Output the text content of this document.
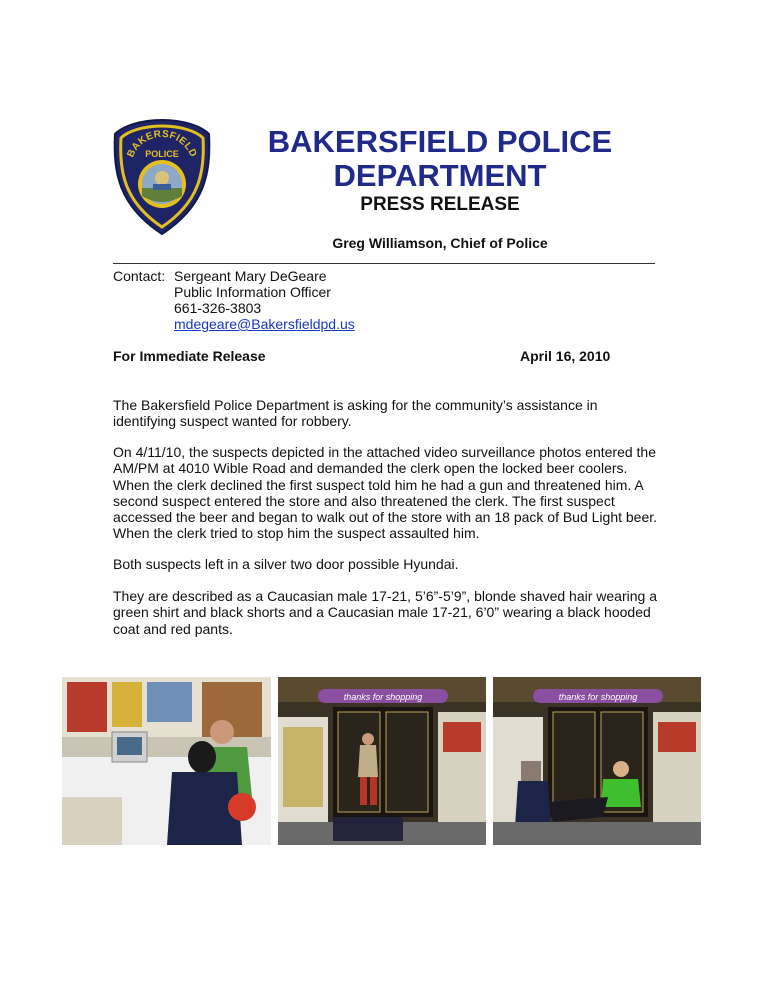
BAKERSFIELD
POLICE	BAKERSFIELD POLICE
DEPARTMENT
PRESS RELEASE
Greg Williamson, Chief of Police
Contact: Sergeant Mary DeGeare
Public Information Officer
661-326-3803
mdegeare@Bakersfieldpd.us
For Immediate Release	April 16, 2010

The Bakersfield Police Department is asking for the community’s assistance in identifying suspect wanted for robbery.

On 4/11/10, the suspects depicted in the attached video surveillance photos entered the AM/PM at 4010 Wible Road and demanded the clerk open the locked beer coolers. When the clerk declined the first suspect told him he had a gun and threatened him. A second suspect entered the store and also threatened the clerk. The first suspect accessed the beer and began to walk out of the store with an 18 pack of Bud Light beer. When the clerk tried to stop him the suspect assaulted him.

Both suspects left in a silver two door possible Hyundai.

They are described as a Caucasian male 17-21, 5’6”-5’9”, blonde shaved hair wearing a green shirt and black shorts and a Caucasian male 17-21, 6’0” wearing a black hooded coat and red pants.

thanks for shopping	thanks for shopping
